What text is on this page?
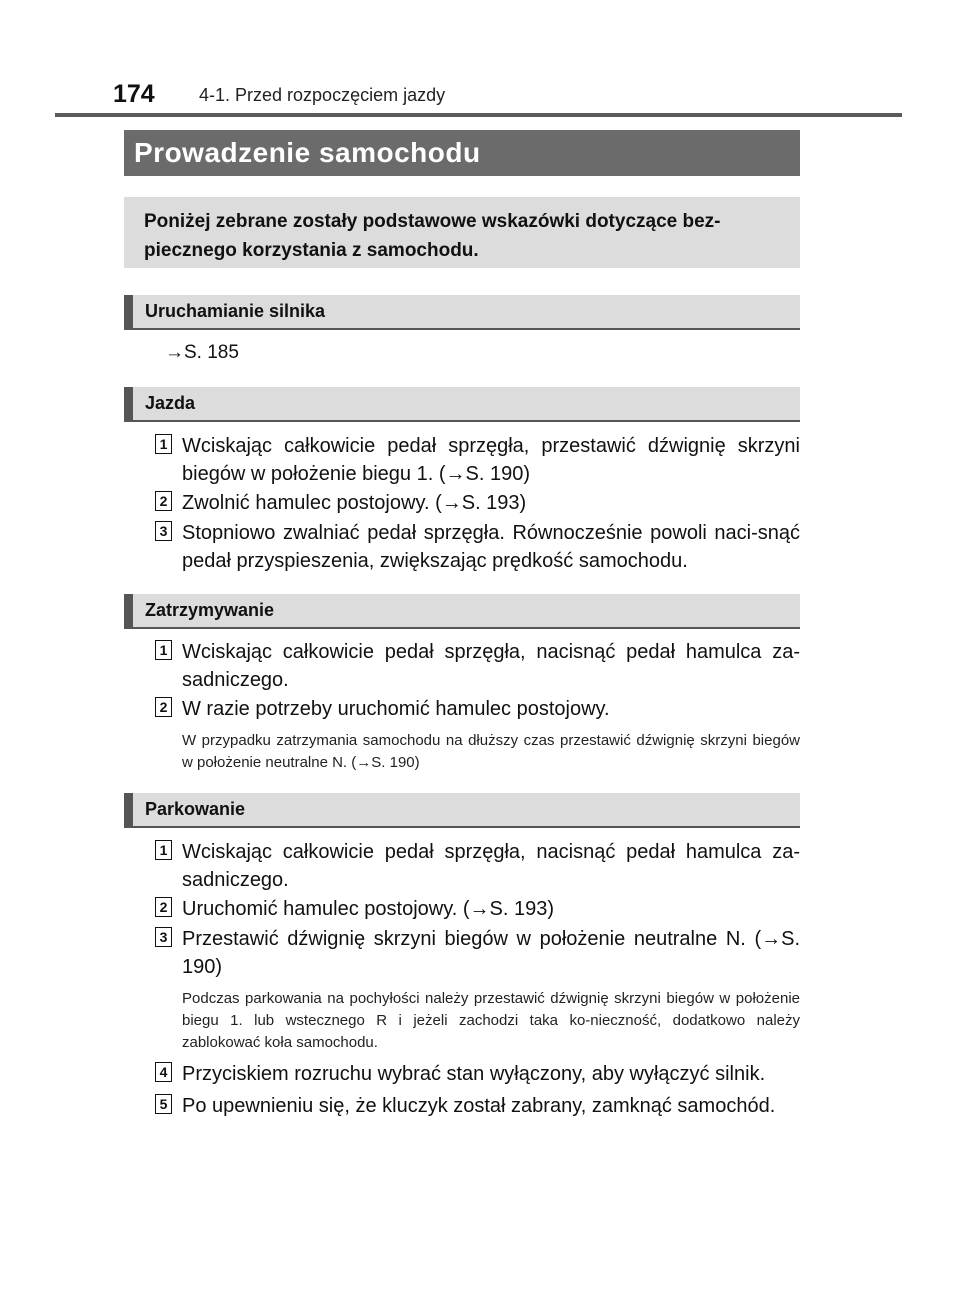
174 4-1. Przed rozpoczęciem jazdy
Prowadzenie samochodu
Poniżej zebrane zostały podstawowe wskazówki dotyczące bez-piecznego korzystania z samochodu.
Uruchamianie silnika
→S. 185
Jazda
1 Wciskając całkowicie pedał sprzęgła, przestawić dźwignię skrzyni biegów w położenie biegu 1. (→S. 190)
2 Zwolnić hamulec postojowy. (→S. 193)
3 Stopniowo zwalniać pedał sprzęgła. Równocześnie powoli naci-snąć pedał przyspieszenia, zwiększając prędkość samochodu.
Zatrzymywanie
1 Wciskając całkowicie pedał sprzęgła, nacisnąć pedał hamulca za-sadniczego.
2 W razie potrzeby uruchomić hamulec postojowy.
W przypadku zatrzymania samochodu na dłuższy czas przestawić dźwignię skrzyni biegów w położenie neutralne N. (→S. 190)
Parkowanie
1 Wciskając całkowicie pedał sprzęgła, nacisnąć pedał hamulca za-sadniczego.
2 Uruchomić hamulec postojowy. (→S. 193)
3 Przestawić dźwignię skrzyni biegów w położenie neutralne N. (→S. 190)
Podczas parkowania na pochyłości należy przestawić dźwignię skrzyni biegów w położenie biegu 1. lub wstecznego R i jeżeli zachodzi taka ko-nieczność, dodatkowo należy zablokować koła samochodu.
4 Przyciskiem rozruchu wybrać stan wyłączony, aby wyłączyć silnik.
5 Po upewnieniu się, że kluczyk został zabrany, zamknąć samochód.
